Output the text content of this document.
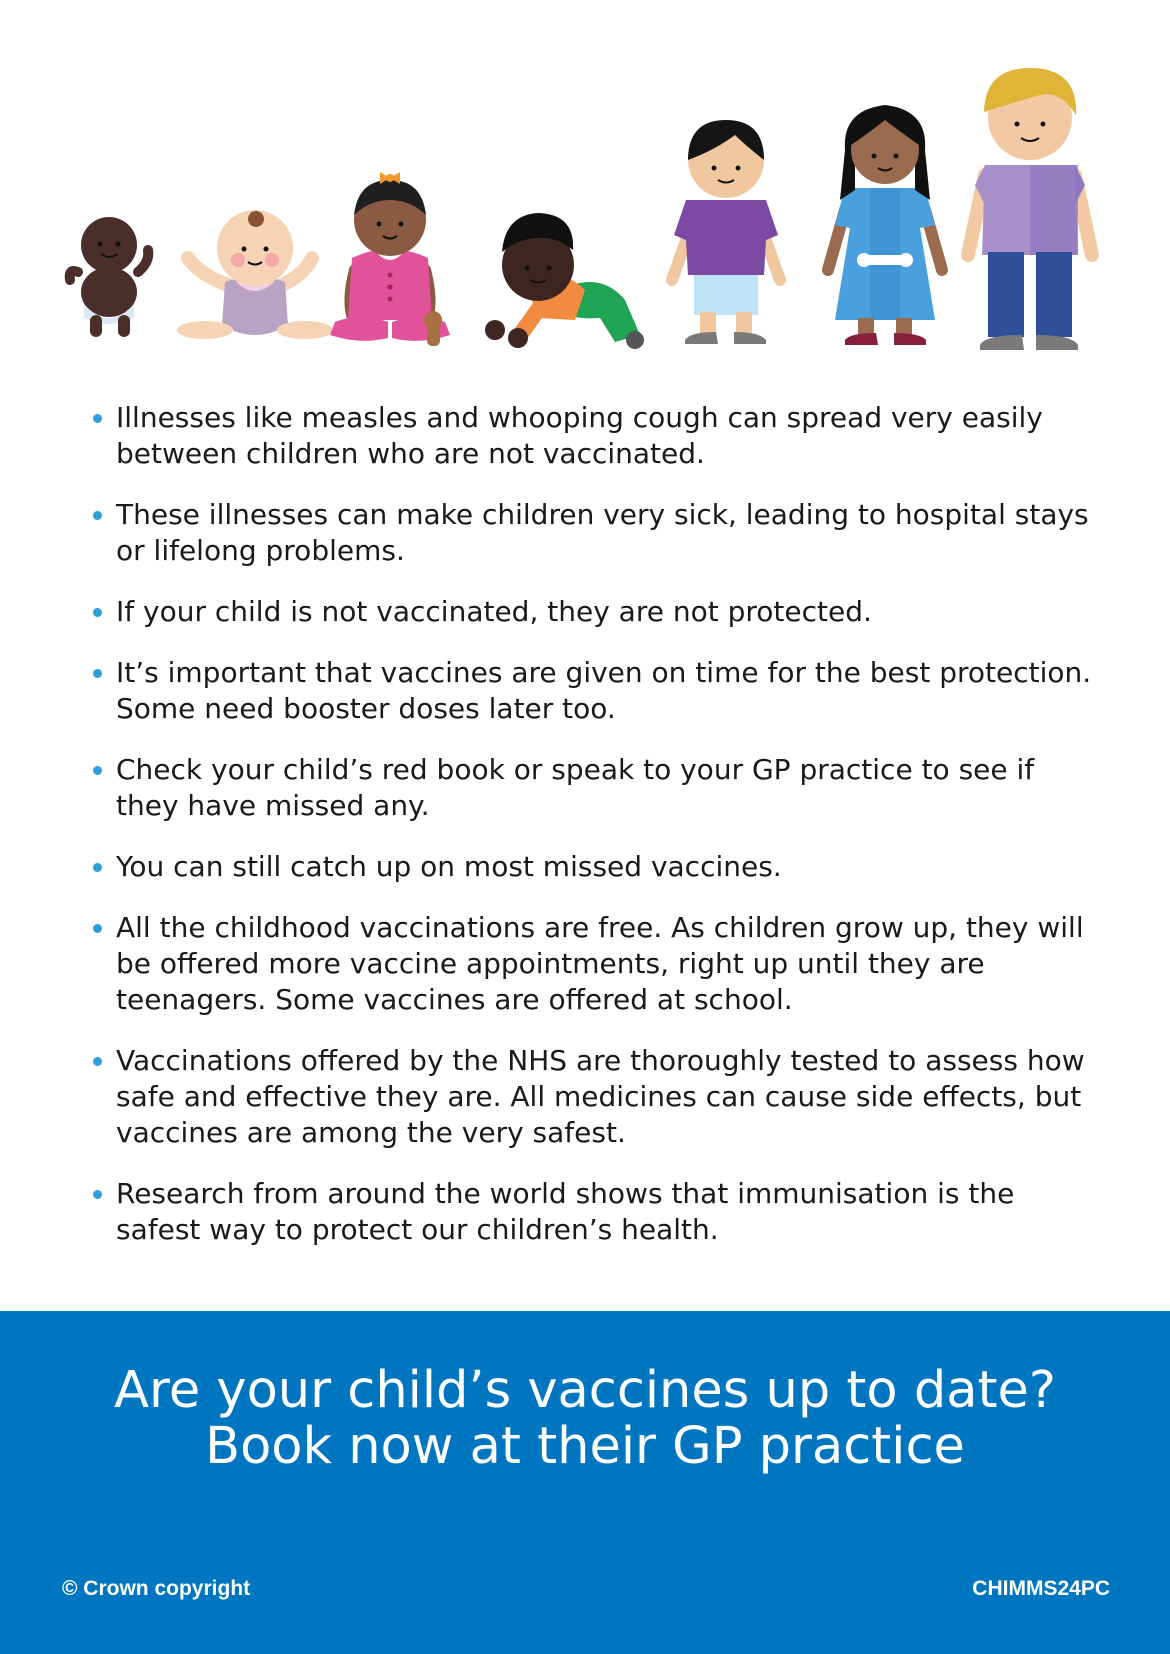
Illnesses like measles and whooping cough can spread very easily between children who are not vaccinated.
These illnesses can make children very sick, leading to hospital stays or lifelong problems.
If your child is not vaccinated, they are not protected.
It’s important that vaccines are given on time for the best protection. Some need booster doses later too.
Check your child’s red book or speak to your GP practice to see if they have missed any.
You can still catch up on most missed vaccines.
All the childhood vaccinations are free. As children grow up, they will be offered more vaccine appointments, right up until they are teenagers. Some vaccines are offered at school.
Vaccinations offered by the NHS are thoroughly tested to assess how safe and effective they are. All medicines can cause side effects, but vaccines are among the very safest.
Research from around the world shows that immunisation is the safest way to protect our children’s health.
Are your child’s vaccines up to date?
Book now at their GP practice
© Crown copyright	CHIMMS24PC
